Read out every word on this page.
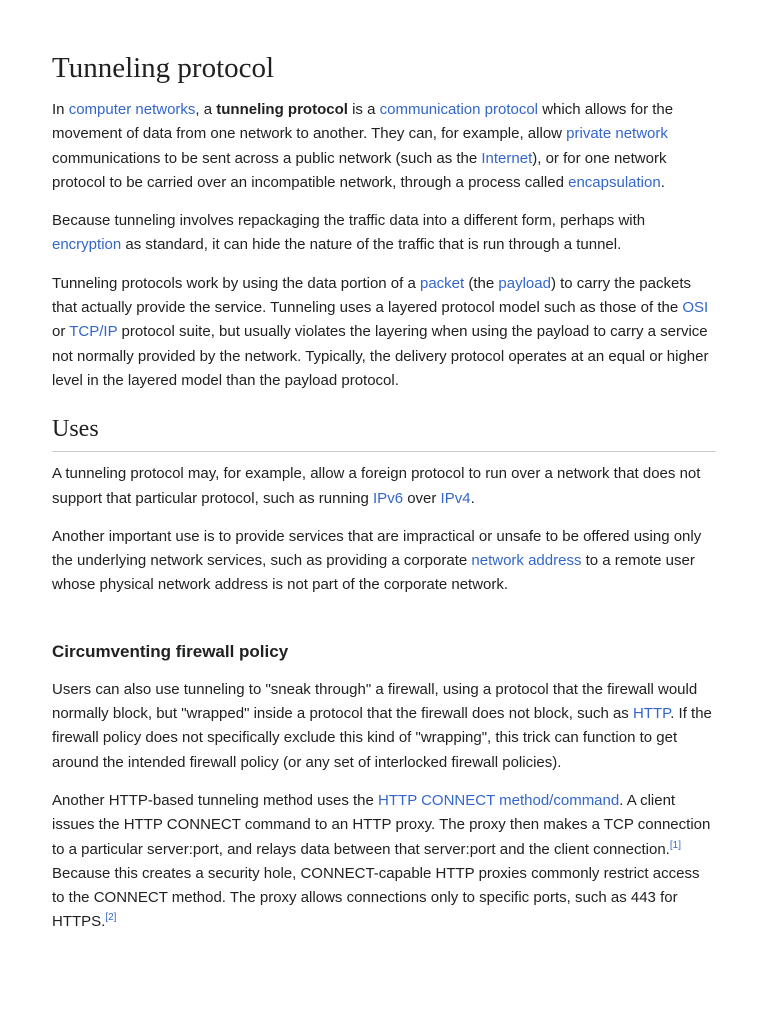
Tunneling protocol

In computer networks, a tunneling protocol is a communication protocol which allows for the movement of data from one network to another. They can, for example, allow private network communications to be sent across a public network (such as the Internet), or for one network protocol to be carried over an incompatible network, through a process called encapsulation.

Because tunneling involves repackaging the traffic data into a different form, perhaps with encryption as standard, it can hide the nature of the traffic that is run through a tunnel.

Tunneling protocols work by using the data portion of a packet (the payload) to carry the packets that actually provide the service. Tunneling uses a layered protocol model such as those of the OSI or TCP/IP protocol suite, but usually violates the layering when using the payload to carry a service not normally provided by the network. Typically, the delivery protocol operates at an equal or higher level in the layered model than the payload protocol.

Uses

A tunneling protocol may, for example, allow a foreign protocol to run over a network that does not support that particular protocol, such as running IPv6 over IPv4.

Another important use is to provide services that are impractical or unsafe to be offered using only the underlying network services, such as providing a corporate network address to a remote user whose physical network address is not part of the corporate network.

Circumventing firewall policy

Users can also use tunneling to "sneak through" a firewall, using a protocol that the firewall would normally block, but "wrapped" inside a protocol that the firewall does not block, such as HTTP. If the firewall policy does not specifically exclude this kind of "wrapping", this trick can function to get around the intended firewall policy (or any set of interlocked firewall policies).

Another HTTP-based tunneling method uses the HTTP CONNECT method/command. A client issues the HTTP CONNECT command to an HTTP proxy. The proxy then makes a TCP connection to a particular server:port, and relays data between that server:port and the client connection.[1] Because this creates a security hole, CONNECT-capable HTTP proxies commonly restrict access to the CONNECT method. The proxy allows connections only to specific ports, such as 443 for HTTPS.[2]
